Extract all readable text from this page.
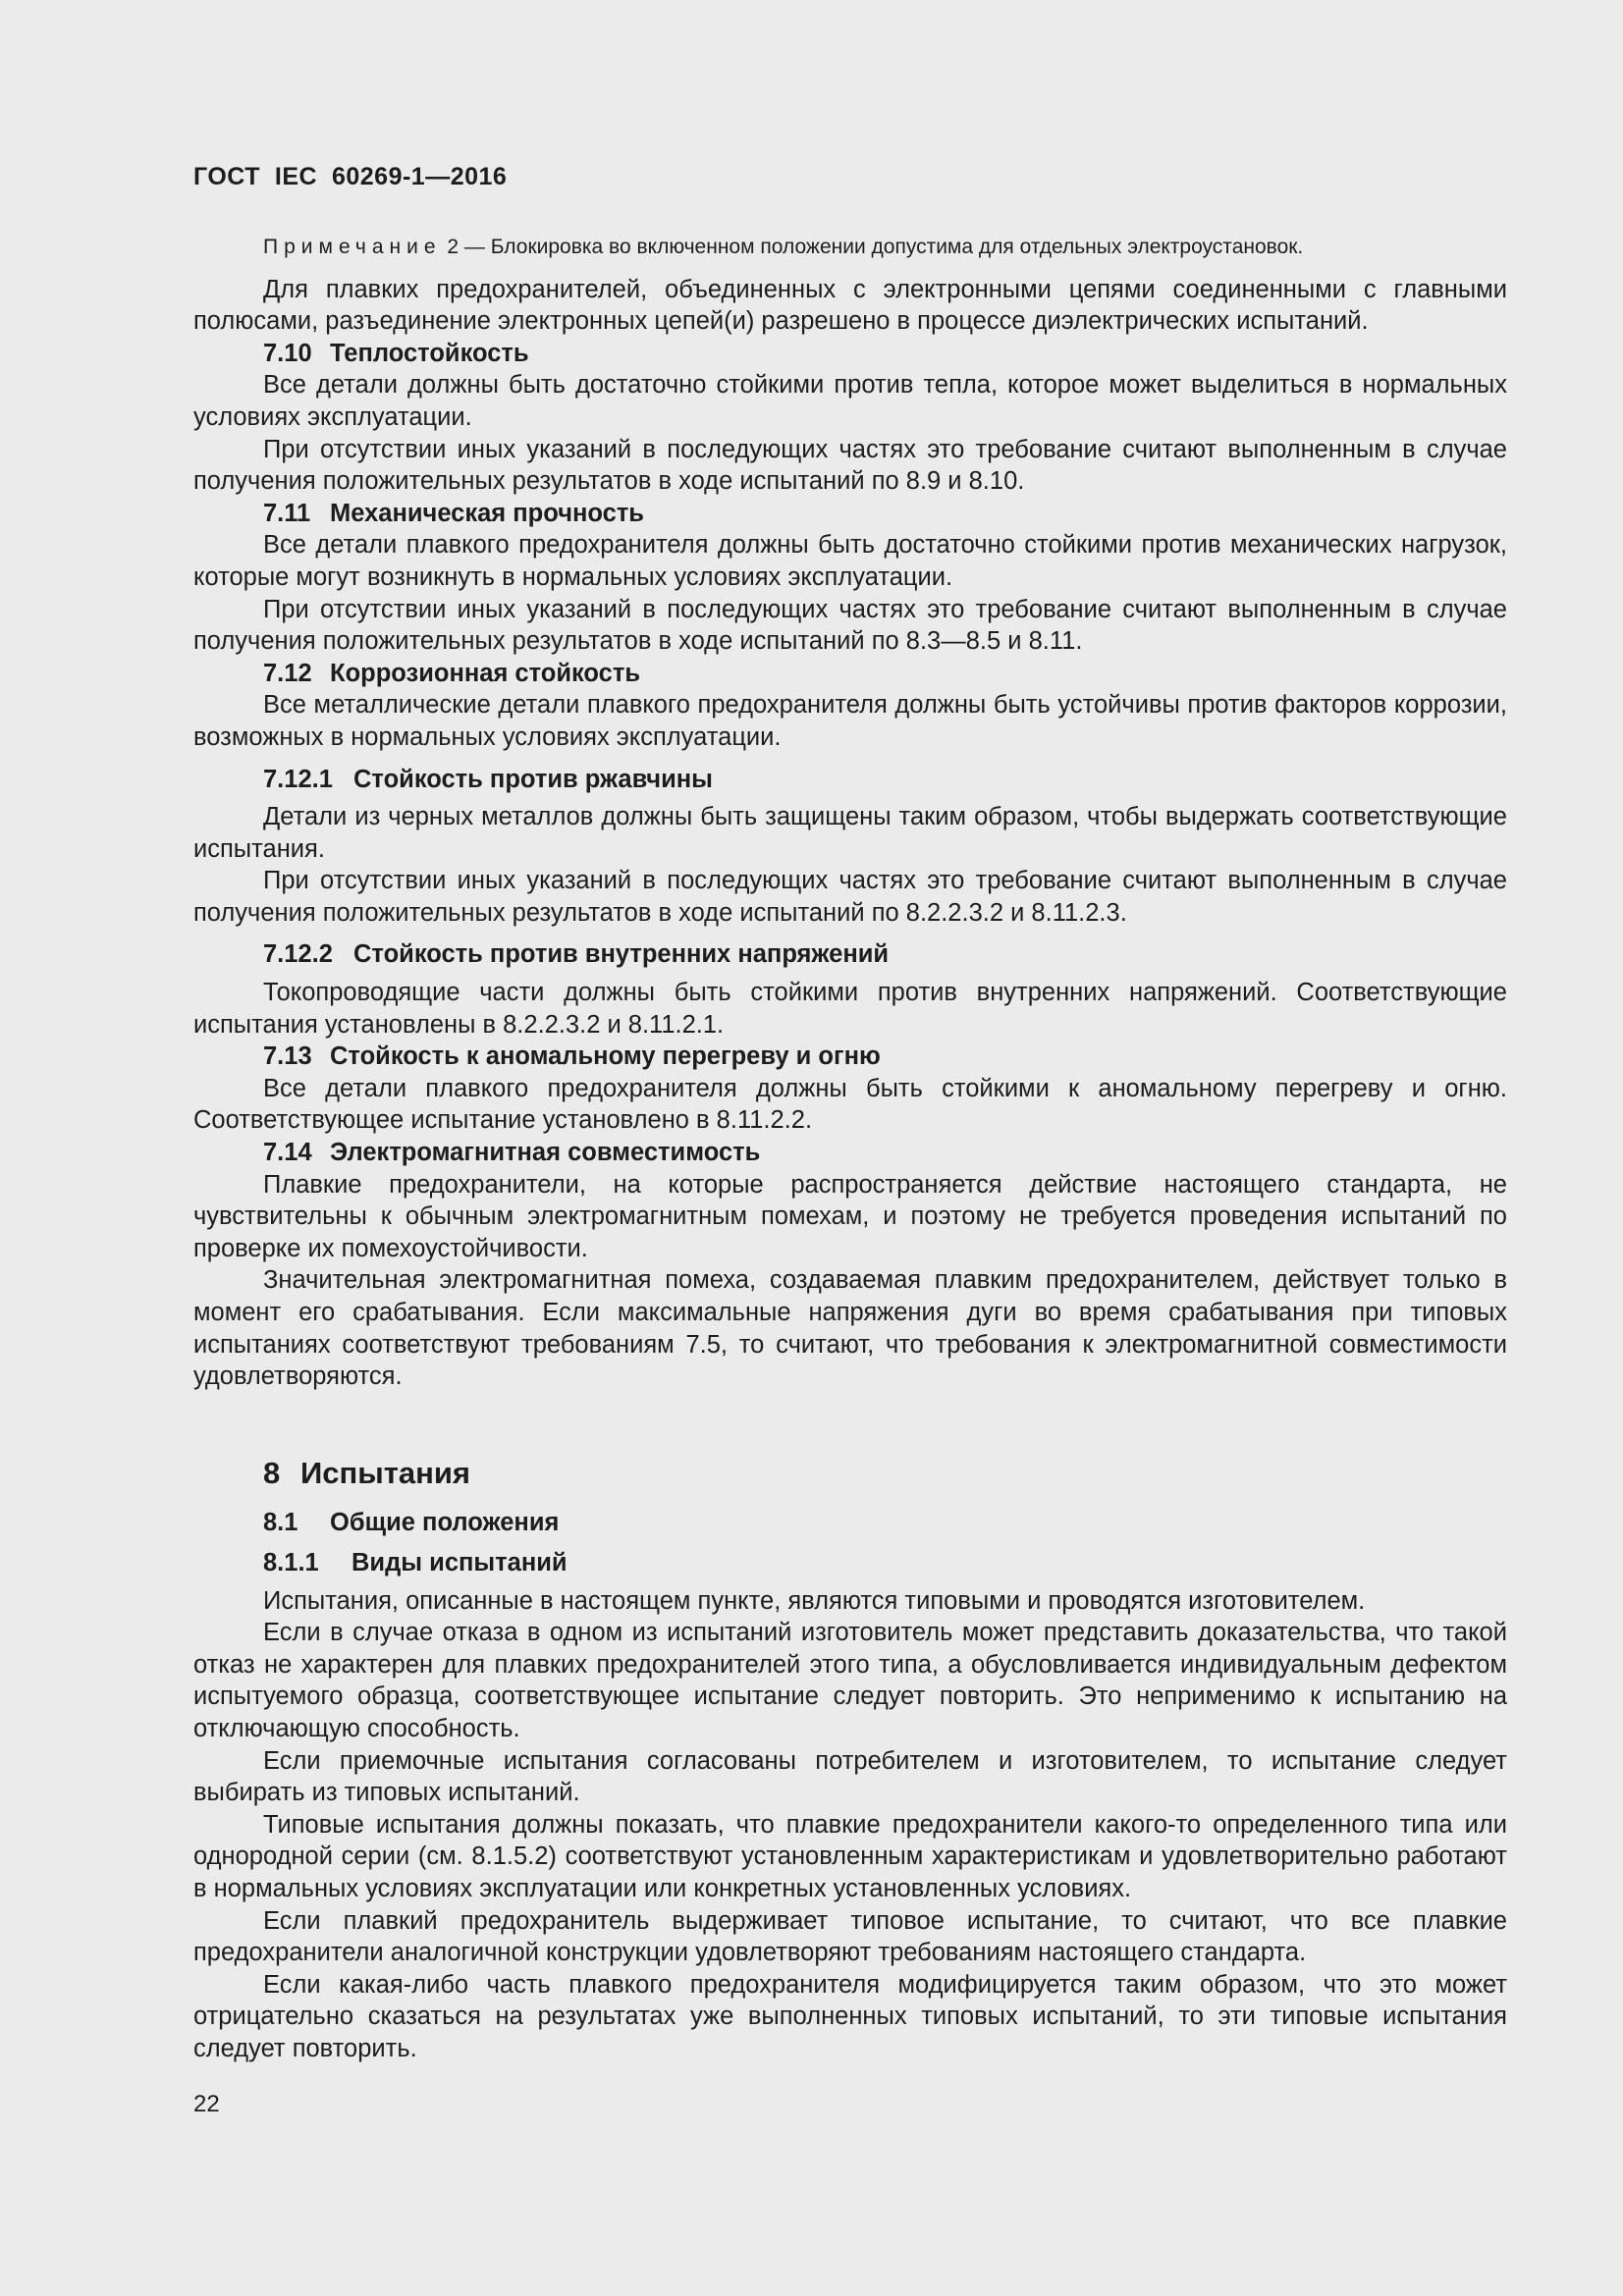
ГОСТ  IEC  60269-1—2016

Примечание 2 — Блокировка во включенном положении допустима для отдельных электроустановок.

Для плавких предохранителей, объединенных с электронными цепями соединенными с главными полюсами, разъединение электронных цепей(и) разрешено в процессе диэлектрических испытаний.

7.10 Теплостойкость

Все детали должны быть достаточно стойкими против тепла, которое может выделиться в нормальных условиях эксплуатации.

При отсутствии иных указаний в последующих частях это требование считают выполненным в случае получения положительных результатов в ходе испытаний по 8.9 и 8.10.

7.11 Механическая прочность

Все детали плавкого предохранителя должны быть достаточно стойкими против механических нагрузок, которые могут возникнуть в нормальных условиях эксплуатации.

При отсутствии иных указаний в последующих частях это требование считают выполненным в случае получения положительных результатов в ходе испытаний по 8.3—8.5 и 8.11.

7.12 Коррозионная стойкость

Все металлические детали плавкого предохранителя должны быть устойчивы против факторов коррозии, возможных в нормальных условиях эксплуатации.

7.12.1 Стойкость против ржавчины

Детали из черных металлов должны быть защищены таким образом, чтобы выдержать соответствующие испытания.

При отсутствии иных указаний в последующих частях это требование считают выполненным в случае получения положительных результатов в ходе испытаний по 8.2.2.3.2 и 8.11.2.3.

7.12.2 Стойкость против внутренних напряжений

Токопроводящие части должны быть стойкими против внутренних напряжений. Соответствующие испытания установлены в 8.2.2.3.2 и 8.11.2.1.

7.13 Стойкость к аномальному перегреву и огню

Все детали плавкого предохранителя должны быть стойкими к аномальному перегреву и огню. Соответствующее испытание установлено в 8.11.2.2.

7.14 Электромагнитная совместимость

Плавкие предохранители, на которые распространяется действие настоящего стандарта, не чувствительны к обычным электромагнитным помехам, и поэтому не требуется проведения испытаний по проверке их помехоустойчивости.

Значительная электромагнитная помеха, создаваемая плавким предохранителем, действует только в момент его срабатывания. Если максимальные напряжения дуги во время срабатывания при типовых испытаниях соответствуют требованиям 7.5, то считают, что требования к электромагнитной совместимости удовлетворяются.

8 Испытания

8.1 Общие положения

8.1.1 Виды испытаний

Испытания, описанные в настоящем пункте, являются типовыми и проводятся изготовителем.

Если в случае отказа в одном из испытаний изготовитель может представить доказательства, что такой отказ не характерен для плавких предохранителей этого типа, а обусловливается индивидуальным дефектом испытуемого образца, соответствующее испытание следует повторить. Это неприменимо к испытанию на отключающую способность.

Если приемочные испытания согласованы потребителем и изготовителем, то испытание следует выбирать из типовых испытаний.

Типовые испытания должны показать, что плавкие предохранители какого-то определенного типа или однородной серии (см. 8.1.5.2) соответствуют установленным характеристикам и удовлетворительно работают в нормальных условиях эксплуатации или конкретных установленных условиях.

Если плавкий предохранитель выдерживает типовое испытание, то считают, что все плавкие предохранители аналогичной конструкции удовлетворяют требованиям настоящего стандарта.

Если какая-либо часть плавкого предохранителя модифицируется таким образом, что это может отрицательно сказаться на результатах уже выполненных типовых испытаний, то эти типовые испытания следует повторить.

22
